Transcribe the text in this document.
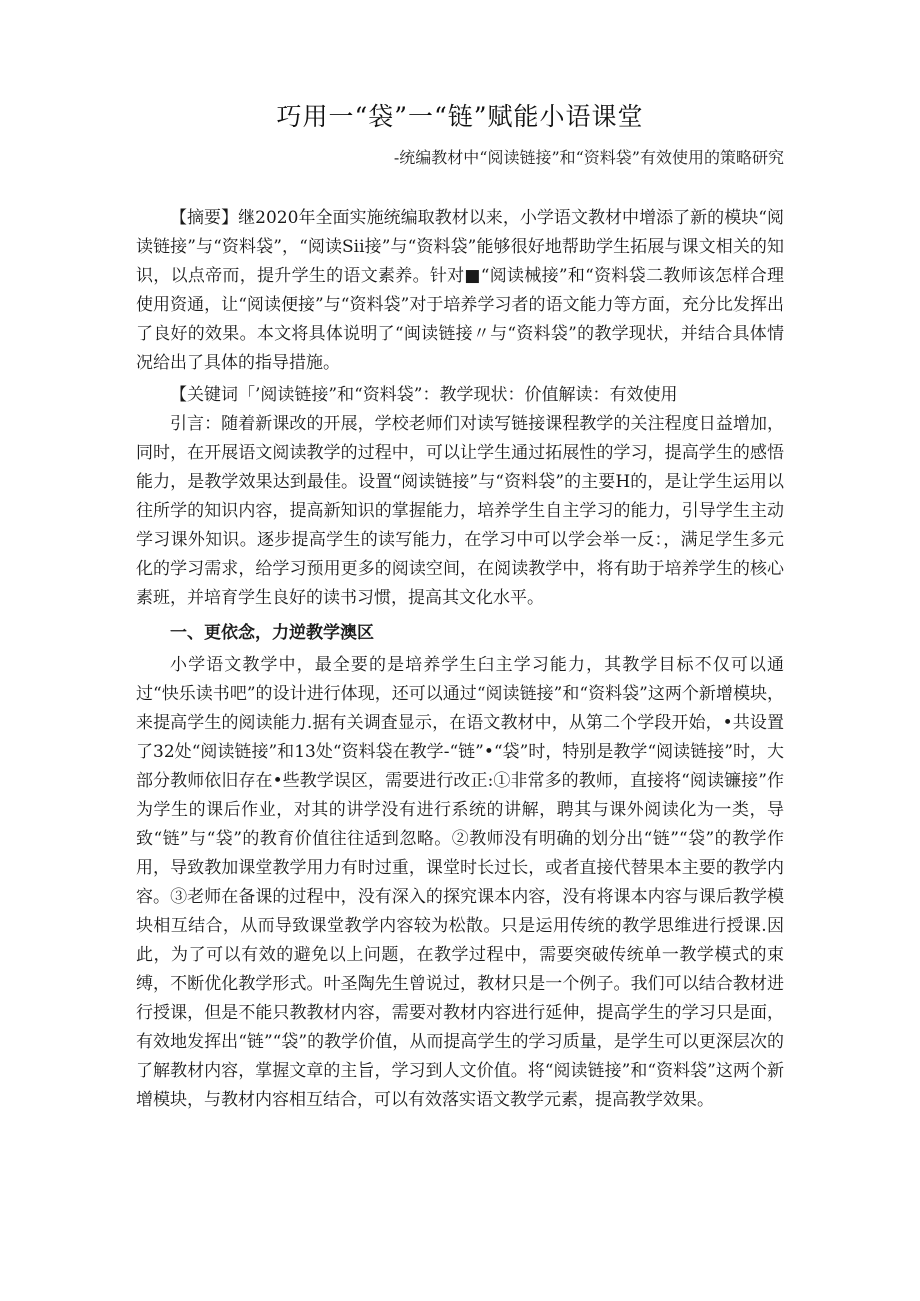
巧用一“袋”一“链”赋能小语课堂
-统编教材中“阅读链接”和“资料袋”有效使用的策略研究

【摘要】继2020年全面实施统编取教材以来，小学语文教材中增添了新的模块“阅读链接”与“资料袋”，“阅读Sii接”与“资料袋”能够很好地帮助学生拓展与课文相关的知识，以点帝而，提升学生的语文素养。针对■“阅读械接”和“资料袋二教师该怎样合理使用资通，让“阅读便接”与“资料袋”对于培养学习者的语文能力等方面，充分比发挥出了良好的效果。本文将具体说明了“闽读链接〃与“资料袋”的教学现状，并结合具体情况给出了具体的指导措施。

【关键词「’阅读链接”和“资料袋”：教学现状：价值解读：有效使用

引言：随着新课改的开展，学校老师们对读写链接课程教学的关注程度日益增加，同时，在开展语文阅读教学的过程中，可以让学生通过拓展性的学习，提高学生的感悟能力，是教学效果达到最佳。设置“阅读链接”与“资料袋”的主要H的，是让学生运用以往所学的知识内容，提高新知识的掌握能力，培养学生自主学习的能力，引导学生主动学习课外知识。逐步提高学生的读写能力，在学习中可以学会举一反：，满足学生多元化的学习需求，给学习预用更多的阅读空间，在阅读教学中，将有助于培养学生的核心素班，并培育学生良好的读书习惯，提高其文化水平。

一、更依念，力逆教学澳区

小学语文教学中，最全要的是培养学生臼主学习能力，其教学目标不仅可以通过“快乐读书吧”的设计进行体现，还可以通过“阅读链接”和“资料袋”这两个新增模块，来提高学生的阅读能力.据有关调査显示，在语文教材中，从第二个学段开始，•共设置了32处“阅读链接”和13处“资料袋在教学-“链”•“袋”时，特别是教学“阅读链接”时，大部分教师依旧存在•些教学误区，需要进行改正:①非常多的教师，直接将“阅读镰接”作为学生的课后作业，对其的讲学没有进行系统的讲解，聘其与课外阅读化为一类，导致“链”与“袋”的教育价值往往适到忽略。②教师没有明确的划分出“链”“袋”的教学作用，导致教加课堂教学用力有时过重，课堂时长过长，或者直接代替果本主要的教学内容。③老师在备课的过程中，没有深入的探究课本内容，没有将课本内容与课后教学模块相互结合，从而导致课堂教学内容较为松散。只是运用传统的教学思维进行授课.因此，为了可以有效的避免以上问题，在教学过程中，需要突破传统单一教学模式的束缚，不断优化教学形式。叶圣陶先生曾说过，教材只是一个例子。我们可以结合教材进行授课，但是不能只教教材内容，需要对教材内容进行延伸，提高学生的学习只是面，有效地发挥出“链”“袋”的教学价值，从而提高学生的学习质量，是学生可以更深层次的了解教材内容，掌握文章的主旨，学习到人文价值。将“阅读链接”和“资料袋”这两个新增模块，与教材内容相互结合，可以有效落实语文教学元素，提高教学效果。
